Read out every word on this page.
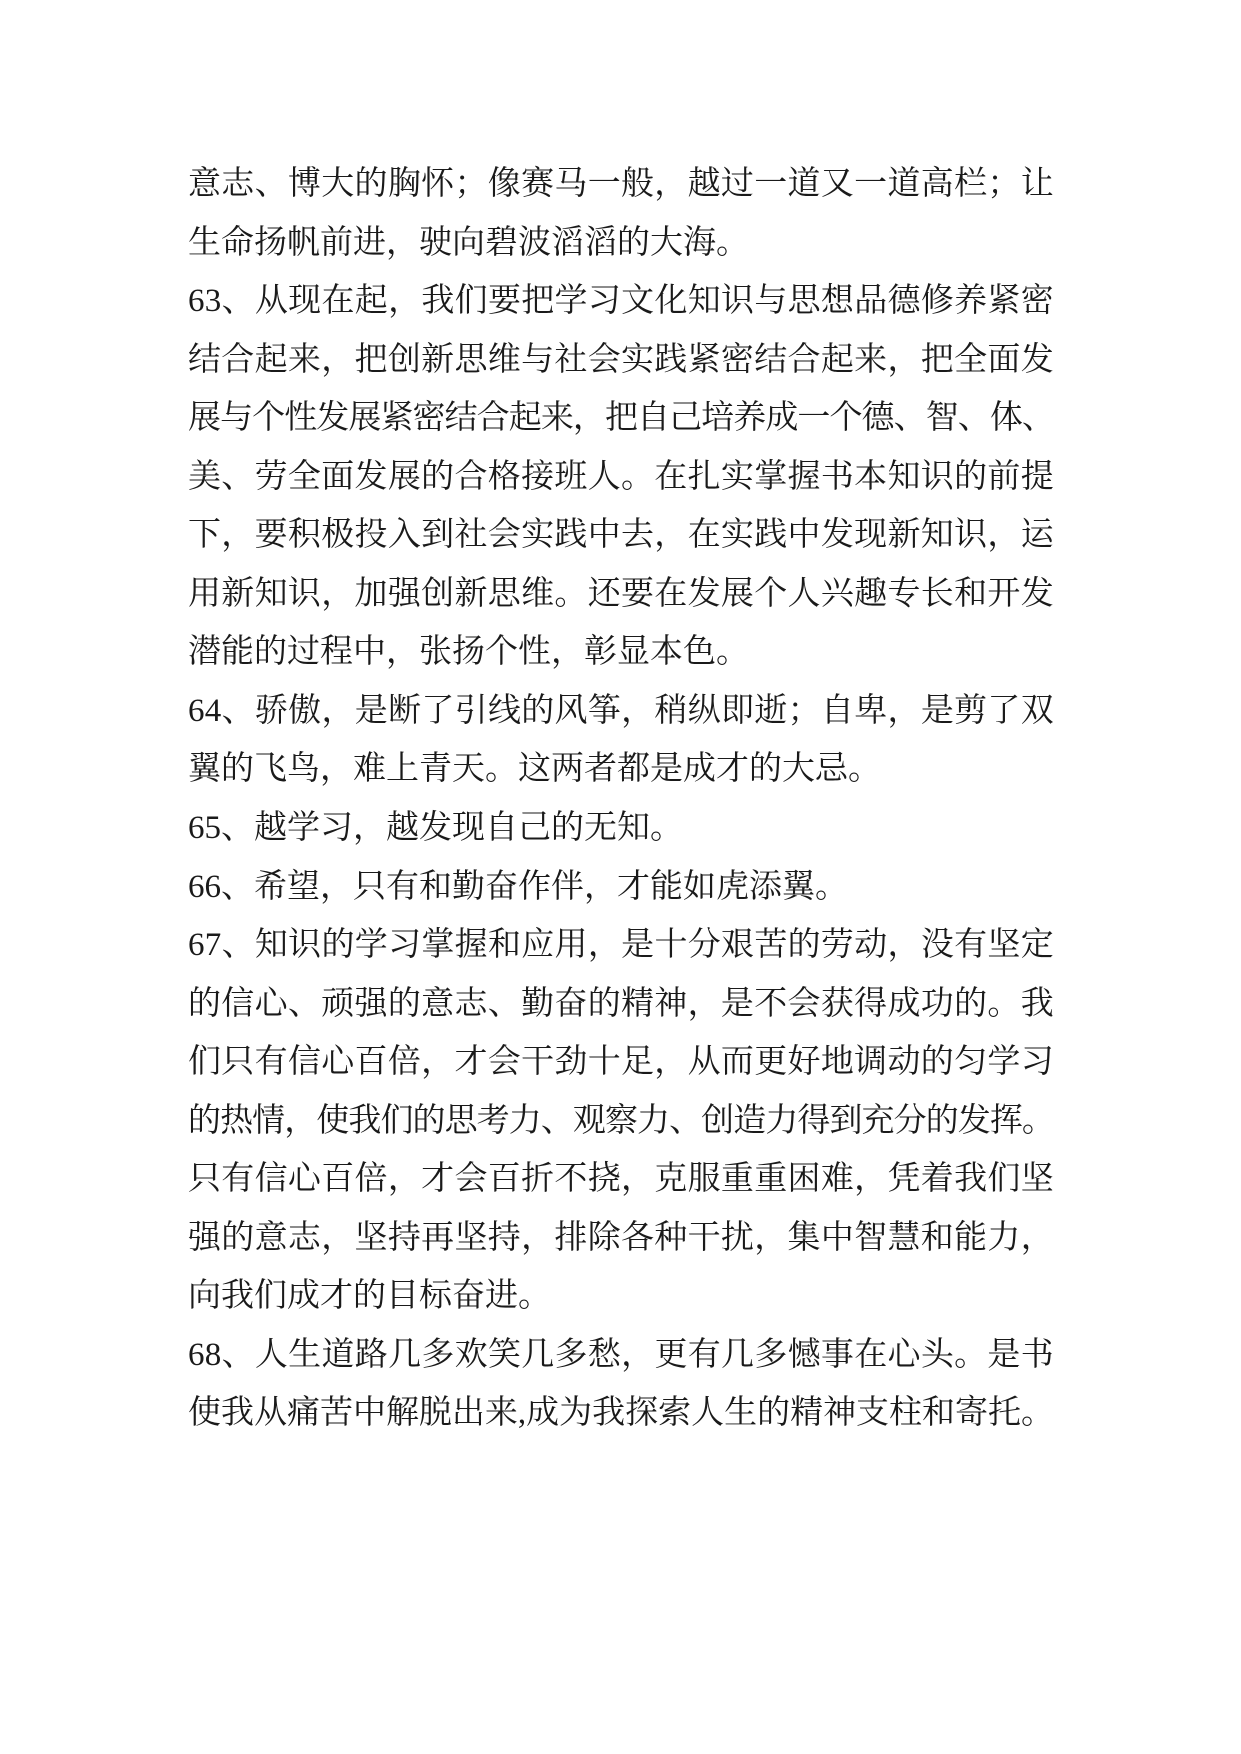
意志、博大的胸怀；像赛马一般，越过一道又一道高栏；让
生命扬帆前进，驶向碧波滔滔的大海。
63、从现在起，我们要把学习文化知识与思想品德修养紧密
结合起来，把创新思维与社会实践紧密结合起来，把全面发
展与个性发展紧密结合起来，把自己培养成一个德、智、体、
美、劳全面发展的合格接班人。在扎实掌握书本知识的前提
下，要积极投入到社会实践中去，在实践中发现新知识，运
用新知识，加强创新思维。还要在发展个人兴趣专长和开发
潜能的过程中，张扬个性，彰显本色。
64、骄傲，是断了引线的风筝，稍纵即逝；自卑，是剪了双
翼的飞鸟，难上青天。这两者都是成才的大忌。
65、越学习，越发现自己的无知。
66、希望，只有和勤奋作伴，才能如虎添翼。
67、知识的学习掌握和应用，是十分艰苦的劳动，没有坚定
的信心、顽强的意志、勤奋的精神，是不会获得成功的。我
们只有信心百倍，才会干劲十足，从而更好地调动的匀学习
的热情，使我们的思考力、观察力、创造力得到充分的发挥。
只有信心百倍，才会百折不挠，克服重重困难，凭着我们坚
强的意志，坚持再坚持，排除各种干扰，集中智慧和能力，
向我们成才的目标奋进。
68、人生道路几多欢笑几多愁，更有几多憾事在心头。是书
使我从痛苦中解脱出来,成为我探索人生的精神支柱和寄托。
